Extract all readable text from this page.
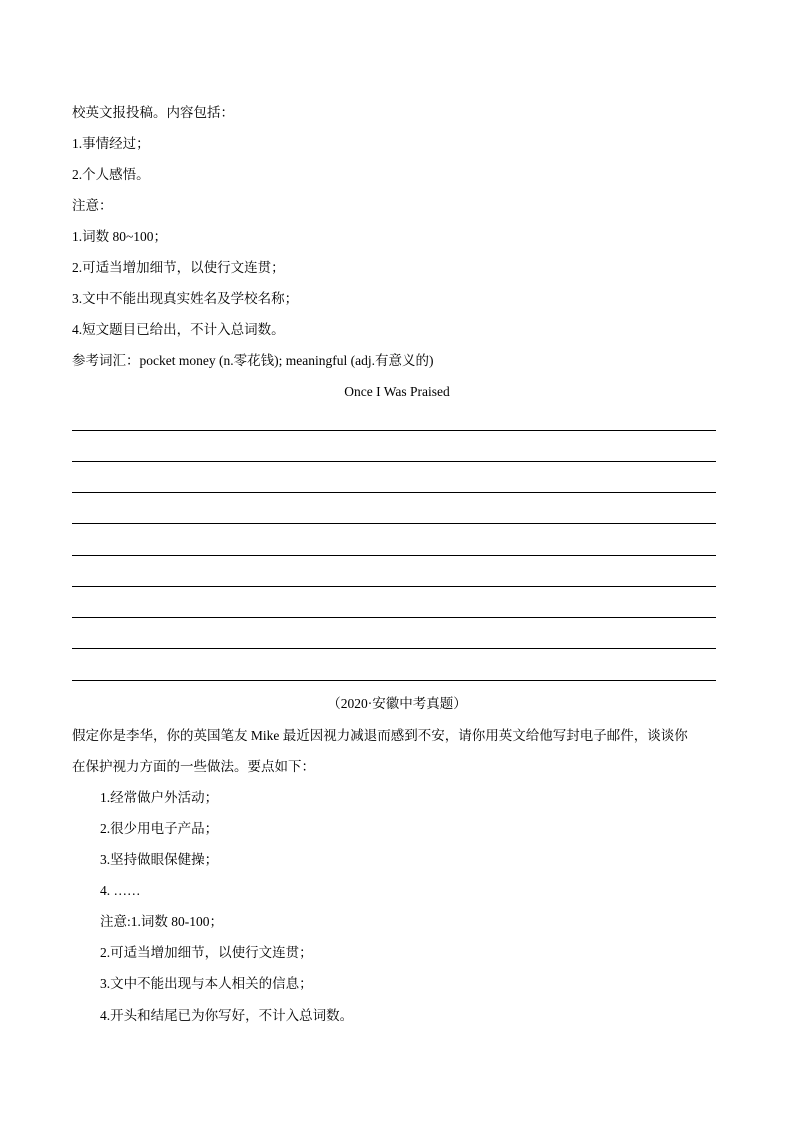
校英文报投稿。内容包括：
1.事情经过；
2.个人感悟。
注意：
1.词数 80~100；
2.可适当增加细节，以使行文连贯；
3.文中不能出现真实姓名及学校名称；
4.短文题目已给出，不计入总词数。
参考词汇：pocket money (n.零花钱); meaningful (adj.有意义的)
Once I Was Praised
（2020·安徽中考真题）
假定你是李华，你的英国笔友 Mike 最近因视力减退而感到不安，请你用英文给他写封电子邮件，谈谈你
在保护视力方面的一些做法。要点如下：
1.经常做户外活动；
2.很少用电子产品；
3.坚持做眼保健操；
4. ……
注意:1.词数 80-100；
2.可适当增加细节，以使行文连贯；
3.文中不能出现与本人相关的信息；
4.开头和结尾已为你写好，不计入总词数。
